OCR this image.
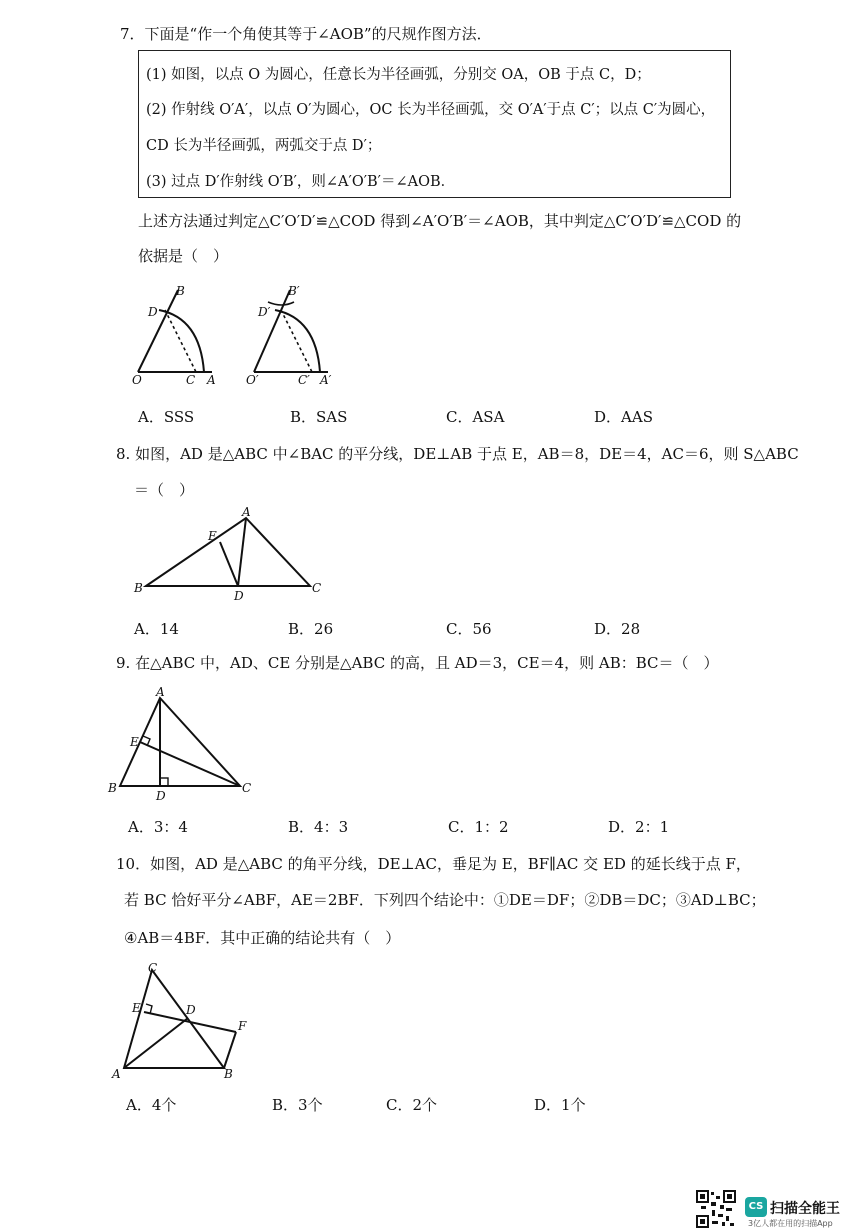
7．下面是“作一个角使其等于∠AOB”的尺规作图方法．
(1) 如图，以点 O 为圆心，任意长为半径画弧，分别交 OA，OB 于点 C，D；
(2) 作射线 O′A′，以点 O′为圆心，OC 长为半径画弧，交 O′A′于点 C′；以点 C′为圆心，
CD 长为半径画弧，两弧交于点 D′；
(3) 过点 D′作射线 O′B′，则∠A′O′B′＝∠AOB．
上述方法通过判定△C′O′D′≌△COD 得到∠A′O′B′＝∠AOB，其中判定△C′O′D′≌△COD 的
依据是（　）
B
D
O	C A
B′
D′
O′	C′ A′
A．SSS	B．SAS	C．ASA	D．AAS
8. 如图，AD 是△ABC 中∠BAC 的平分线，DE⊥AB 于点 E，AB＝8，DE＝4，AC＝6，则 S△ABC
＝（　）
A
E
B
D
C
A．14	B．26	C．56	D．28
9. 在△ABC 中，AD、CE 分别是△ABC 的高，且 AD＝3，CE＝4，则 AB：BC＝（　）
A
E
B
D
C
A．3：4	B．4：3	C．1：2	D．2：1
10．如图，AD 是△ABC 的角平分线，DE⊥AC，垂足为 E，BF∥AC 交 ED 的延长线于点 F，
若 BC 恰好平分∠ABF，AE＝2BF．下列四个结论中：①DE＝DF；②DB＝DC；③AD⊥BC；
④AB＝4BF．其中正确的结论共有（　）
C
E	D
F
A	B
A．4个	B．3个	C．2个	D．1个
CS 扫描全能王
3亿人都在用的扫描App
